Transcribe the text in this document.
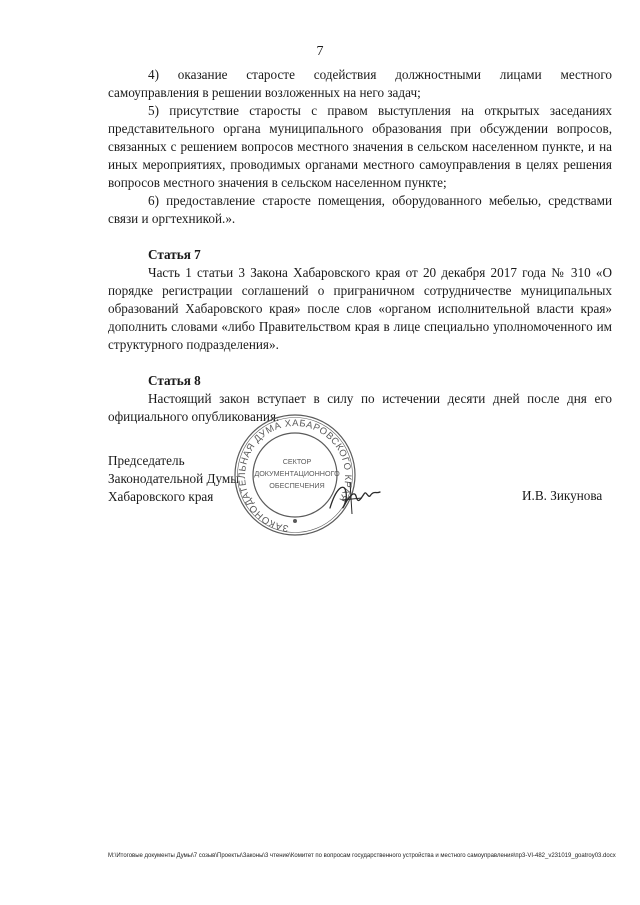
7

4) оказание старосте содействия должностными лицами местного самоуправления в решении возложенных на него задач;

5) присутствие старосты с правом выступления на открытых заседаниях представительного органа муниципального образования при обсуждении вопросов, связанных с решением вопросов местного значения в сельском населенном пункте, и на иных мероприятиях, проводимых органами местного самоуправления в целях решения вопросов местного значения в сельском населенном пункте;

6) предоставление старосте помещения, оборудованного мебелью, средствами связи и оргтехникой.».

Статья 7

Часть 1 статьи 3 Закона Хабаровского края от 20 декабря 2017 года № 310 «О порядке регистрации соглашений о приграничном сотрудничестве муниципальных образований Хабаровского края» после слов «органом исполнительной власти края» дополнить словами «либо Правительством края в лице специально уполномоченного им структурного подразделения».

Статья 8

Настоящий закон вступает в силу по истечении десяти дней после дня его официального опубликования.

Председатель
Законодательной Думы
Хабаровского края	И.В. Зикунова
ЗАКОНОДАТЕЛЬНАЯ ДУМА ХАБАРОВСКОГО КРАЯ
СЕКТОР
ДОКУМЕНТАЦИОННОГО
ОБЕСПЕЧЕНИЯ
M:\Итоговые документы Думы\7 созыв\Проекты\Законы\3 чтение\Комитет по вопросам государственного устройства и местного самоуправления\пр3-VI-482_v231019_goatroy03.docx
